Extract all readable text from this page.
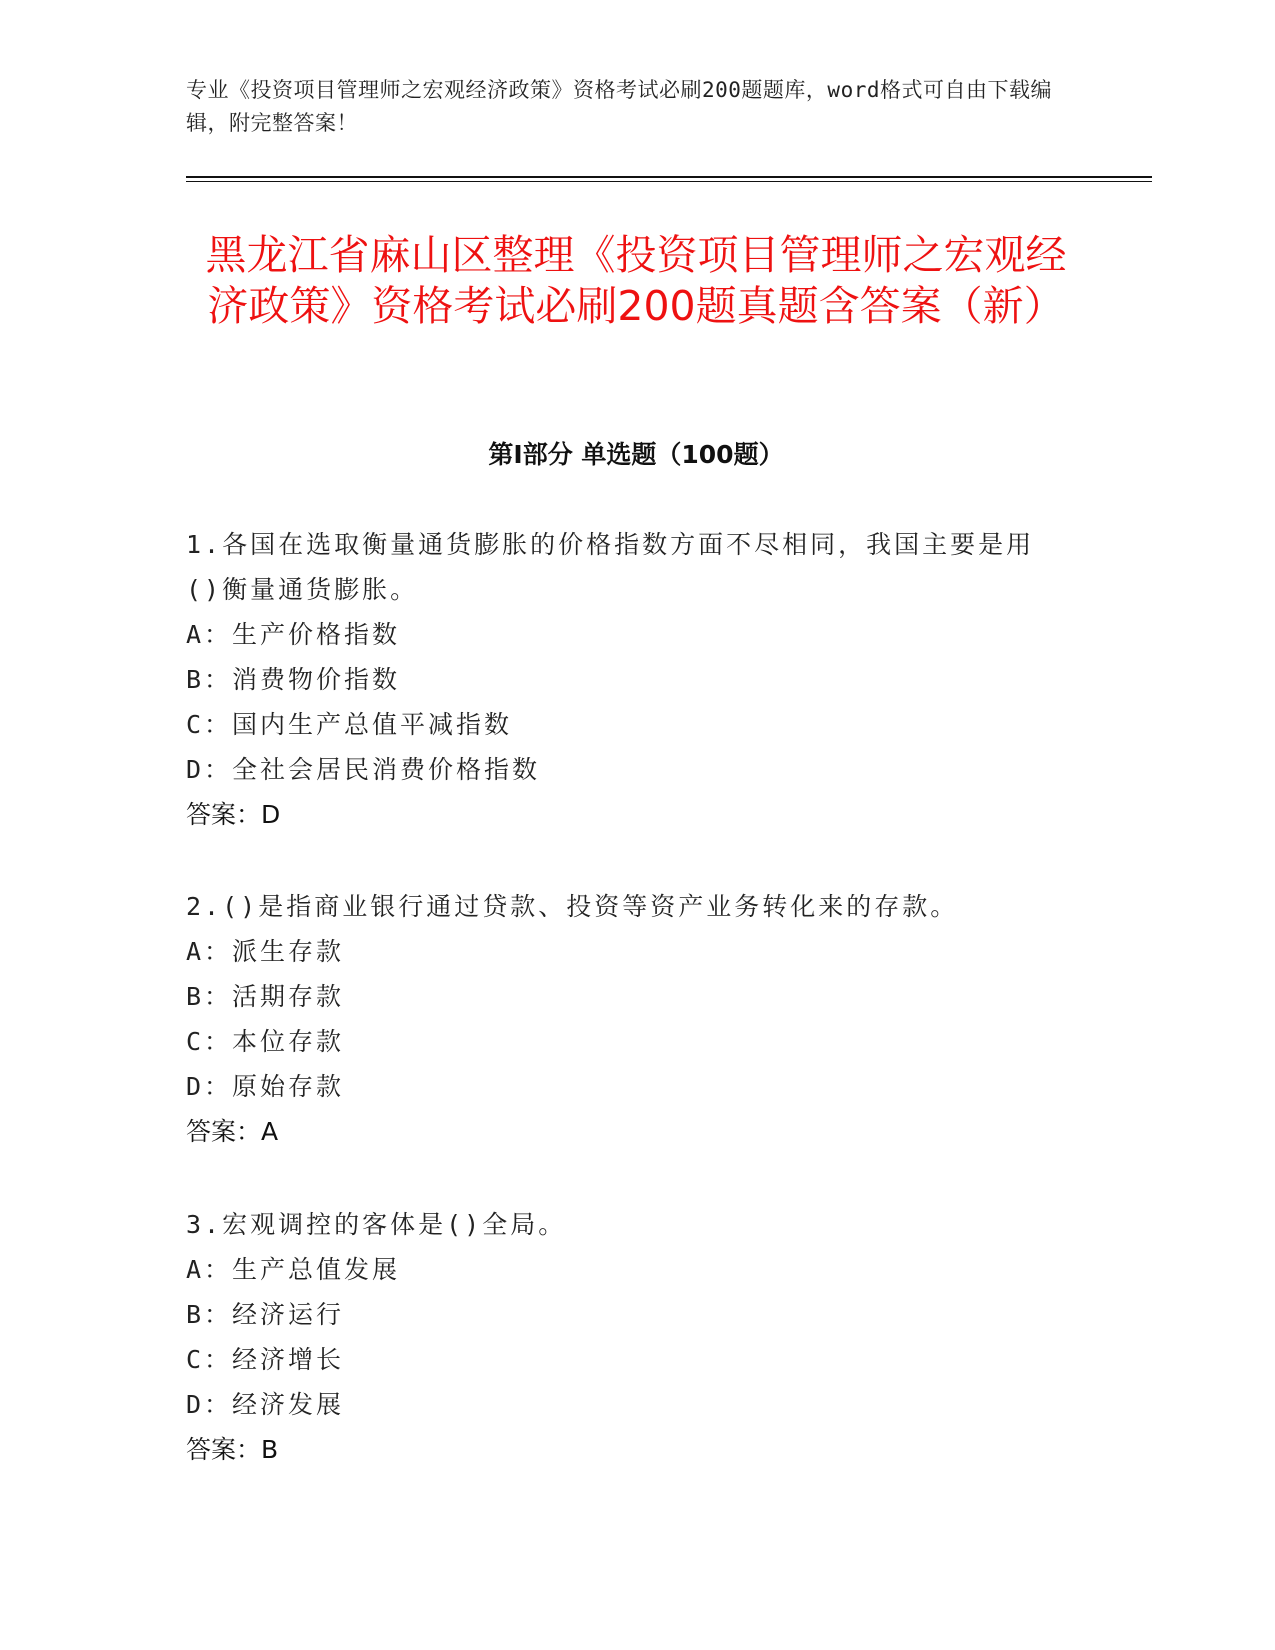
专业《投资项目管理师之宏观经济政策》资格考试必刷200题题库，word格式可自由下载编辑，附完整答案！
黑龙江省麻山区整理《投资项目管理师之宏观经济政策》资格考试必刷200题真题含答案（新）
第Ⅰ部分 单选题（100题）
1.各国在选取衡量通货膨胀的价格指数方面不尽相同，我国主要是用()衡量通货膨胀。
A：生产价格指数
B：消费物价指数
C：国内生产总值平减指数
D：全社会居民消费价格指数
答案：D
2.()是指商业银行通过贷款、投资等资产业务转化来的存款。
A：派生存款
B：活期存款
C：本位存款
D：原始存款
答案：A
3.宏观调控的客体是()全局。
A：生产总值发展
B：经济运行
C：经济增长
D：经济发展
答案：B
